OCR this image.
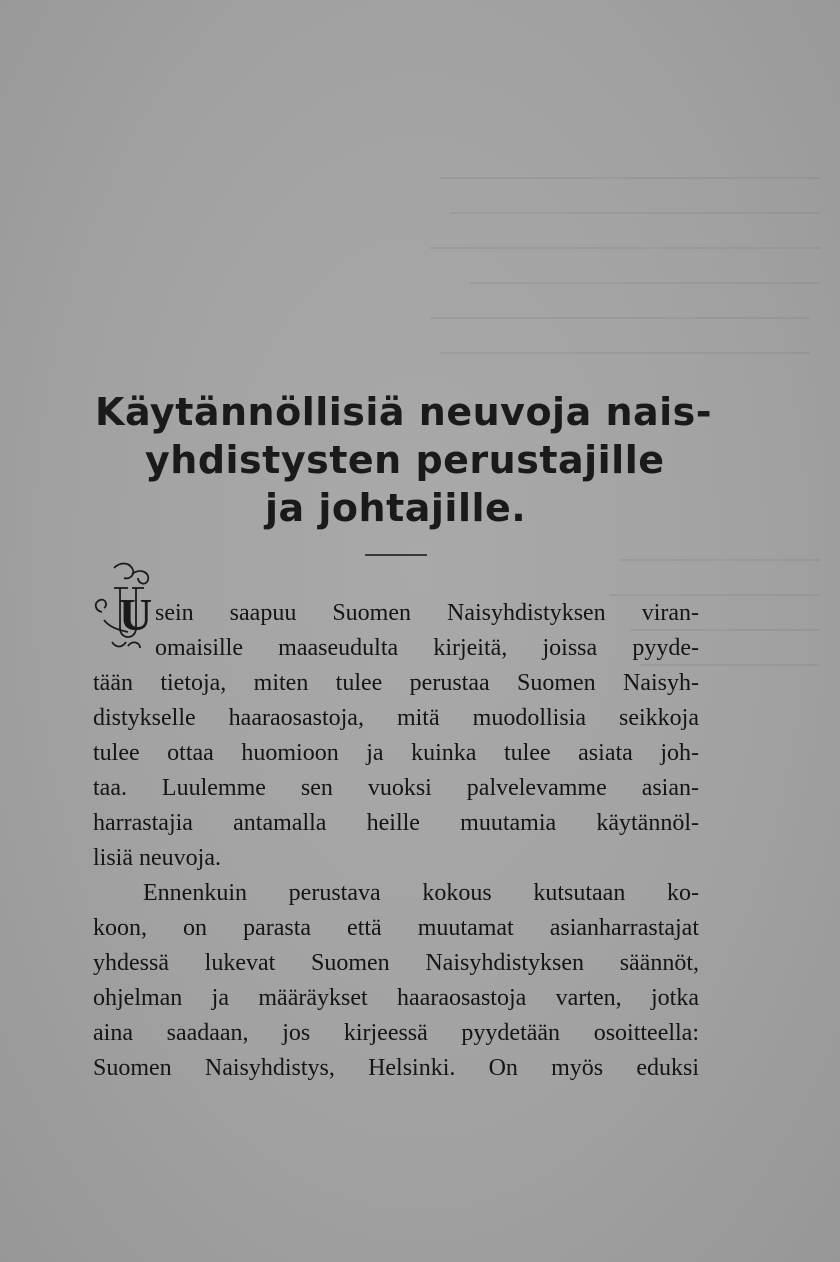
Käytännöllisiä neuvoja nais-
yhdistysten perustajille
ja johtajille.
U sein saapuu Suomen Naisyhdistyksen viran-
omaisille maaseudulta kirjeitä, joissa pyyde-
tään tietoja, miten tulee perustaa Suomen Naisyh-
distykselle haaraosastoja, mitä muodollisia seikkoja
tulee ottaa huomioon ja kuinka tulee asiata joh-
taa. Luulemme sen vuoksi palvelevamme asian-
harrastajia antamalla heille muutamia käytännöl-
lisiä neuvoja.
Ennenkuin perustava kokous kutsutaan ko-
koon, on parasta että muutamat asianharrastajat
yhdessä lukevat Suomen Naisyhdistyksen säännöt,
ohjelman ja määräykset haaraosastoja varten, jotka
aina saadaan, jos kirjeessä pyydetään osoitteella:
Suomen Naisyhdistys, Helsinki. On myös eduksi
